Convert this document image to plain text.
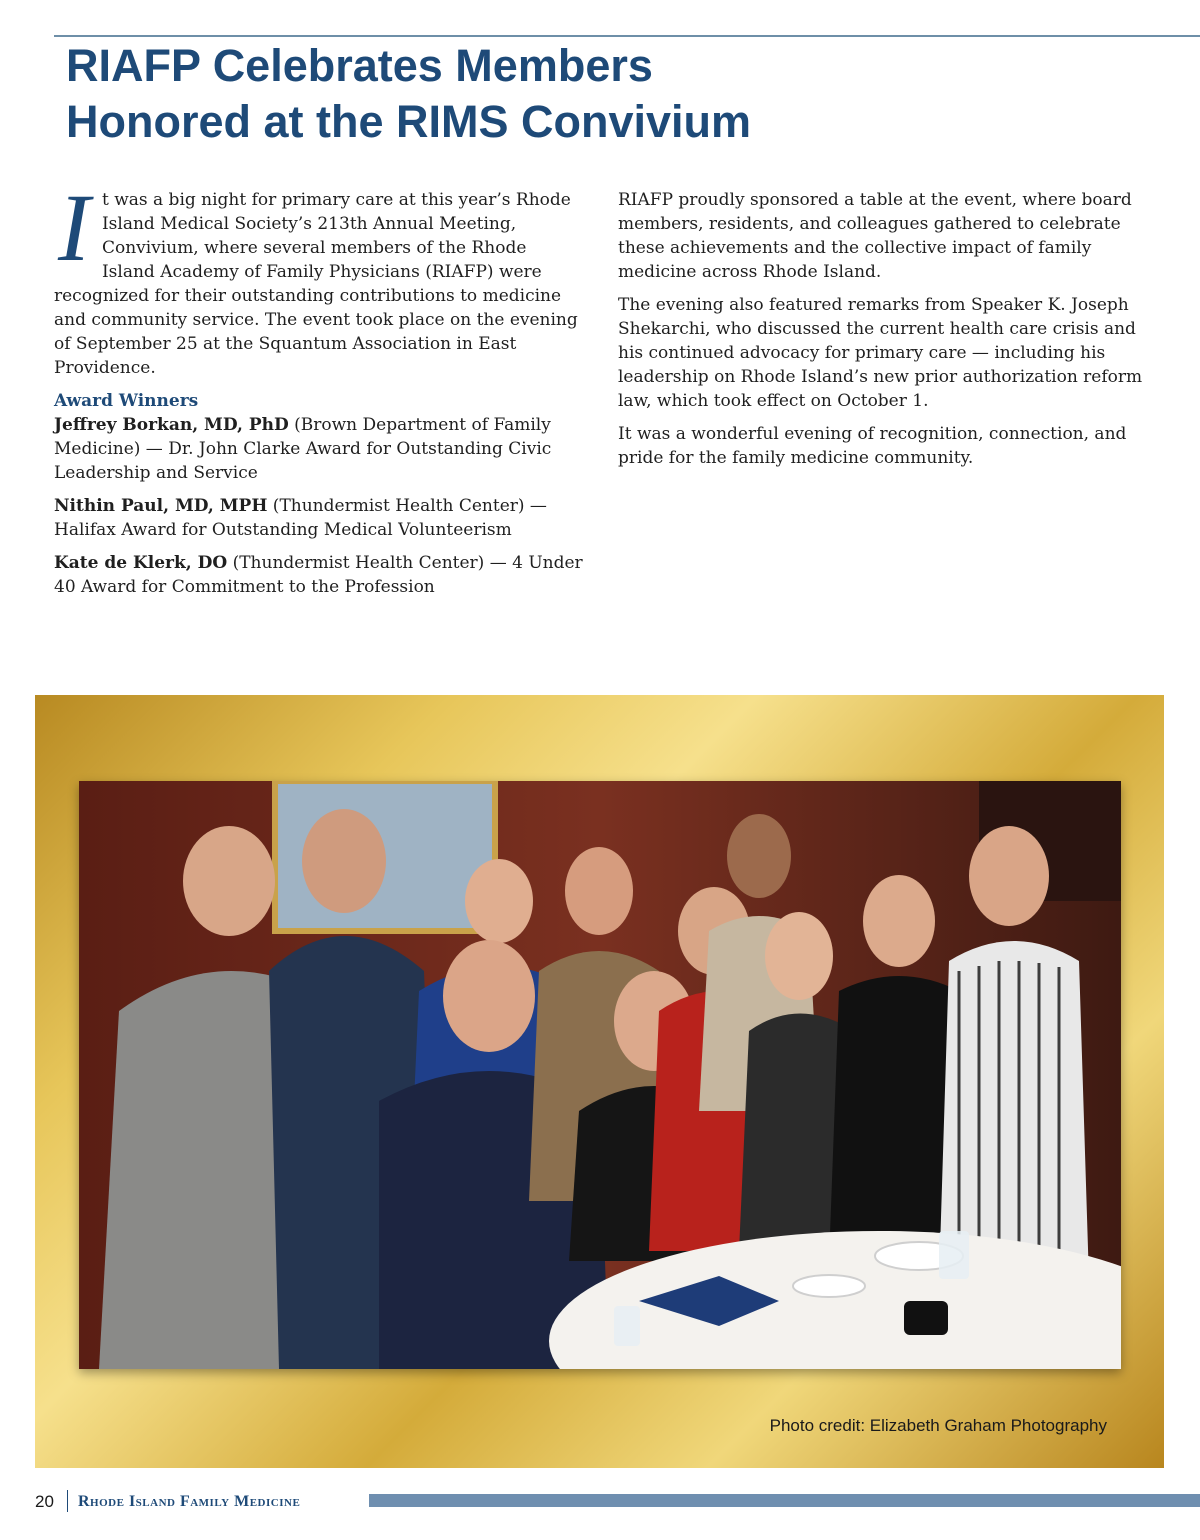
RIAFP Celebrates Members
Honored at the RIMS Convivium

It was a big night for primary care at this year’s Rhode Island Medical Society’s 213th Annual Meeting, Convivium, where several members of the Rhode Island Academy of Family Physicians (RIAFP) were recognized for their outstanding contributions to medicine and community service. The event took place on the evening of September 25 at the Squantum Association in East Providence.

Award Winners

Jeffrey Borkan, MD, PhD (Brown Department of Family Medicine) — Dr. John Clarke Award for Outstanding Civic Leadership and Service

Nithin Paul, MD, MPH (Thundermist Health Center) — Halifax Award for Outstanding Medical Volunteerism

Kate de Klerk, DO (Thundermist Health Center) — 4 Under 40 Award for Commitment to the Profession

RIAFP proudly sponsored a table at the event, where board members, residents, and colleagues gathered to celebrate these achievements and the collective impact of family medicine across Rhode Island.

The evening also featured remarks from Speaker K. Joseph Shekarchi, who discussed the current health care crisis and his continued advocacy for primary care — including his leadership on Rhode Island’s new prior authorization reform law, which took effect on October 1.

It was a wonderful evening of recognition, connection, and pride for the family medicine community.

Photo credit: Elizabeth Graham Photography
20 Rhode Island Family Medicine
